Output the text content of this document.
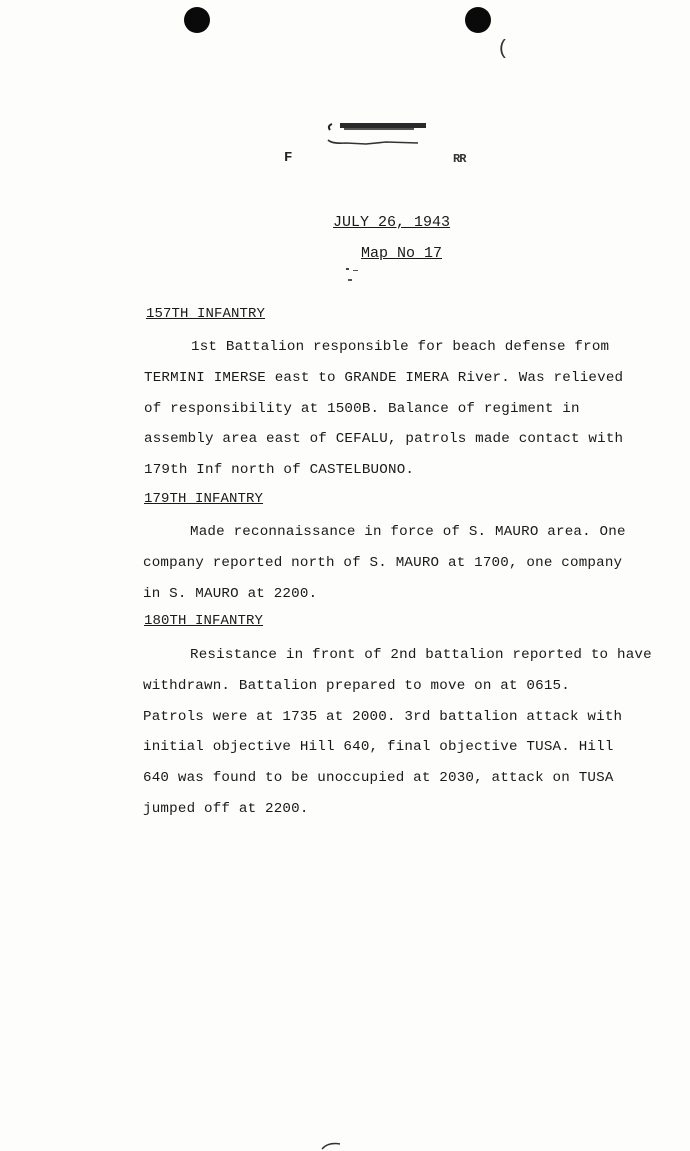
(
F	RR
JULY 26, 1943
Map No 17
157TH INFANTRY
1st Battalion responsible for beach defense from
TERMINI IMERSE east to GRANDE IMERA River. Was relieved
of responsibility at 1500B. Balance of regiment in
assembly area east of CEFALU, patrols made contact with
179th Inf north of CASTELBUONO.
179TH INFANTRY
Made reconnaissance in force of S. MAURO area. One
company reported north of S. MAURO at 1700, one company
in S. MAURO at 2200.
180TH INFANTRY
Resistance in front of 2nd battalion reported to have
withdrawn. Battalion prepared to move on at 0615.
Patrols were at 1735 at 2000. 3rd battalion attack with
initial objective Hill 640, final objective TUSA. Hill
640 was found to be unoccupied at 2030, attack on TUSA
jumped off at 2200.
